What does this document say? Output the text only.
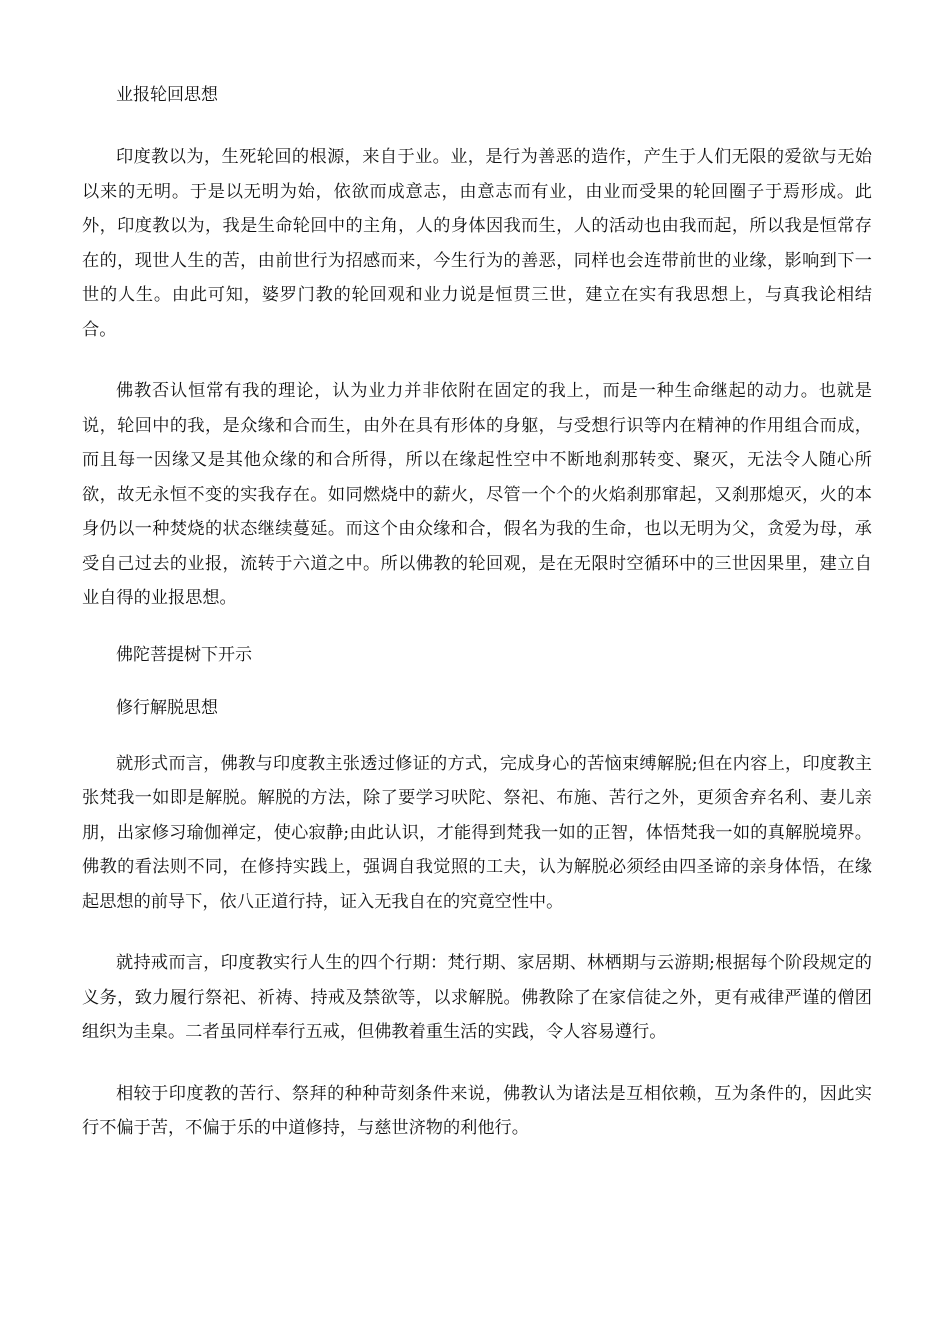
业报轮回思想

印度教以为，生死轮回的根源，来自于业。业，是行为善恶的造作，产生于人们无限的爱欲与无始以来的无明。于是以无明为始，依欲而成意志，由意志而有业，由业而受果的轮回圈子于焉形成。此外，印度教以为，我是生命轮回中的主角，人的身体因我而生，人的活动也由我而起，所以我是恒常存在的，现世人生的苦，由前世行为招感而来，今生行为的善恶，同样也会连带前世的业缘，影响到下一世的人生。由此可知，婆罗门教的轮回观和业力说是恒贯三世，建立在实有我思想上，与真我论相结合。

佛教否认恒常有我的理论，认为业力并非依附在固定的我上，而是一种生命继起的动力。也就是说，轮回中的我，是众缘和合而生，由外在具有形体的身躯，与受想行识等内在精神的作用组合而成，而且每一因缘又是其他众缘的和合所得，所以在缘起性空中不断地刹那转变、聚灭，无法令人随心所欲，故无永恒不变的实我存在。如同燃烧中的薪火，尽管一个个的火焰刹那窜起，又刹那熄灭，火的本身仍以一种焚烧的状态继续蔓延。而这个由众缘和合，假名为我的生命，也以无明为父，贪爱为母，承受自己过去的业报，流转于六道之中。所以佛教的轮回观，是在无限时空循环中的三世因果里，建立自业自得的业报思想。

佛陀菩提树下开示

修行解脱思想

就形式而言，佛教与印度教主张透过修证的方式，完成身心的苦恼束缚解脱;但在内容上，印度教主张梵我一如即是解脱。解脱的方法，除了要学习吠陀、祭祀、布施、苦行之外，更须舍弃名利、妻儿亲朋，出家修习瑜伽禅定，使心寂静;由此认识，才能得到梵我一如的正智，体悟梵我一如的真解脱境界。佛教的看法则不同，在修持实践上，强调自我觉照的工夫，认为解脱必须经由四圣谛的亲身体悟，在缘起思想的前导下，依八正道行持，证入无我自在的究竟空性中。

就持戒而言，印度教实行人生的四个行期：梵行期、家居期、林栖期与云游期;根据每个阶段规定的义务，致力履行祭祀、祈祷、持戒及禁欲等，以求解脱。佛教除了在家信徒之外，更有戒律严谨的僧团组织为圭臬。二者虽同样奉行五戒，但佛教着重生活的实践，令人容易遵行。

相较于印度教的苦行、祭拜的种种苛刻条件来说，佛教认为诸法是互相依赖，互为条件的，因此实行不偏于苦，不偏于乐的中道修持，与慈世济物的利他行。
